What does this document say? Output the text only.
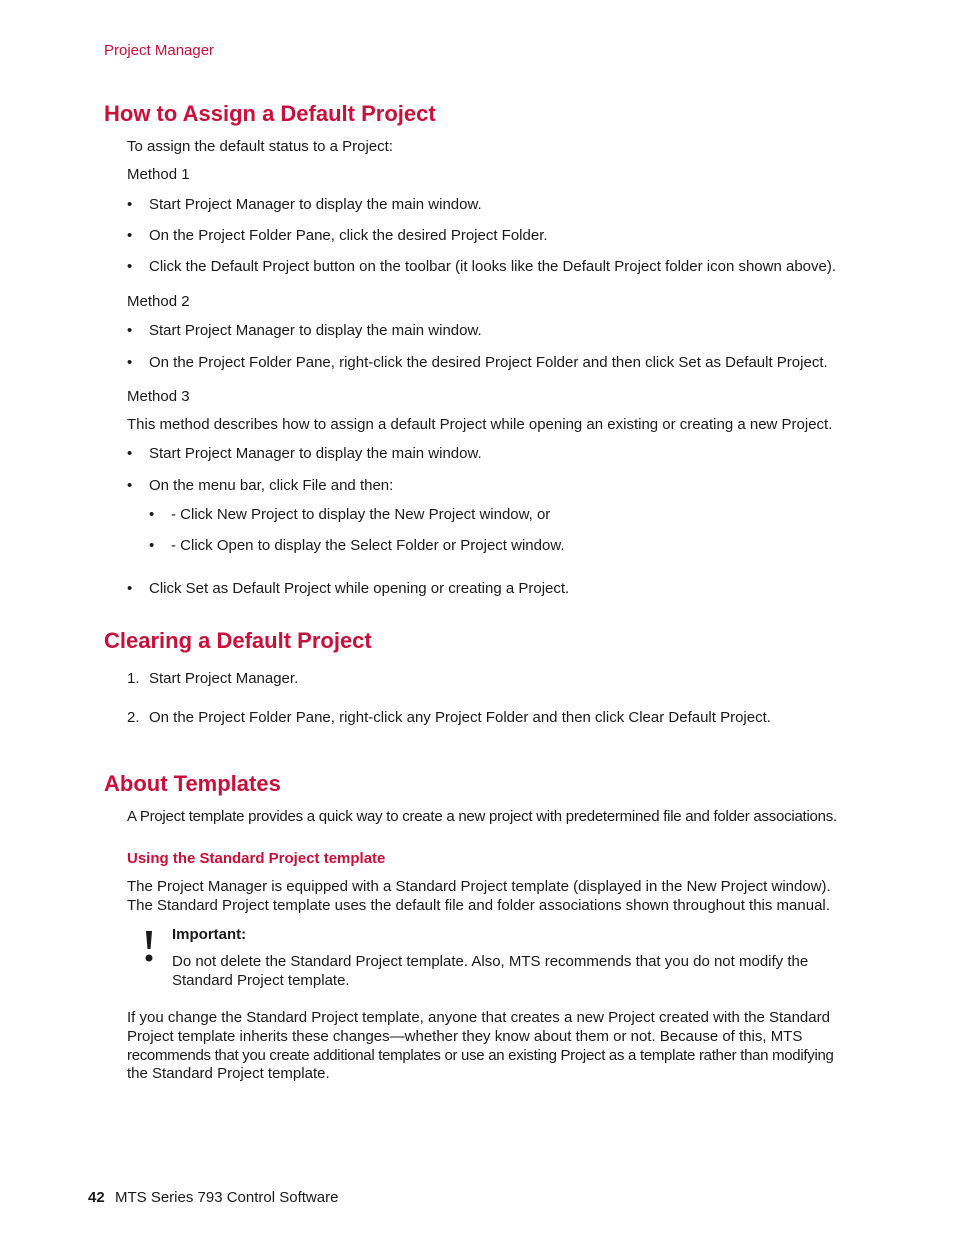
Project Manager
How to Assign a Default Project
To assign the default status to a Project:
Method 1
• Start Project Manager to display the main window.
• On the Project Folder Pane, click the desired Project Folder.
• Click the Default Project button on the toolbar (it looks like the Default Project folder icon shown above).
Method 2
• Start Project Manager to display the main window.
• On the Project Folder Pane, right-click the desired Project Folder and then click Set as Default Project.
Method 3
This method describes how to assign a default Project while opening an existing or creating a new Project.
• Start Project Manager to display the main window.
• On the menu bar, click File and then:
• - Click New Project to display the New Project window, or
• - Click Open to display the Select Folder or Project window.
• Click Set as Default Project while opening or creating a Project.
Clearing a Default Project
1. Start Project Manager.
2. On the Project Folder Pane, right-click any Project Folder and then click Clear Default Project.
About Templates
A Project template provides a quick way to create a new project with predetermined file and folder associations.
Using the Standard Project template
The Project Manager is equipped with a Standard Project template (displayed in the New Project window).
The Standard Project template uses the default file and folder associations shown throughout this manual.
Important:
Do not delete the Standard Project template. Also, MTS recommends that you do not modify the
Standard Project template.
If you change the Standard Project template, anyone that creates a new Project created with the Standard
Project template inherits these changes—whether they know about them or not. Because of this, MTS
recommends that you create additional templates or use an existing Project as a template rather than modifying
the Standard Project template.
42 MTS Series 793 Control Software
